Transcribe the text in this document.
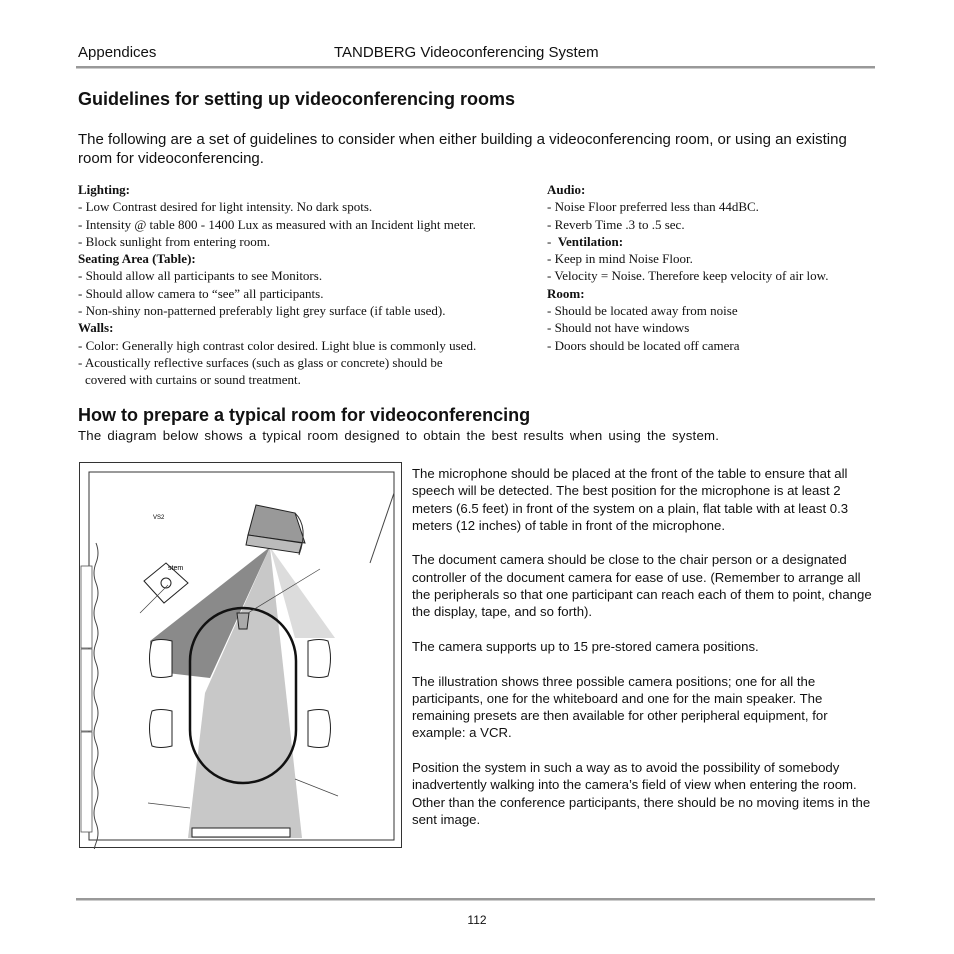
Appendices	TANDBERG Videoconferencing System
Guidelines for setting up videoconferencing rooms
The following are a set of guidelines to consider when either building a videoconferencing room, or using an existing room for videoconferencing.
Lighting:
- Low Contrast desired for light intensity. No dark spots.
- Intensity @ table 800 - 1400 Lux as measured with an Incident light meter.
- Block sunlight from entering room.
Seating Area (Table):
- Should allow all participants to see Monitors.
- Should allow camera to “see” all participants.
- Non-shiny non-patterned preferably light grey surface (if table used).
Walls:
- Color: Generally high contrast color desired. Light blue is commonly used.
- Acoustically reflective surfaces (such as glass or concrete) should be
covered with curtains or sound treatment.
Audio:
- Noise Floor preferred less than 44dBC.
- Reverb Time .3 to .5 sec.
-  Ventilation:
- Keep in mind Noise Floor.
- Velocity = Noise. Therefore keep velocity of air low.
Room:
- Should be located away from noise
- Should not have windows
- Doors should be located off camera
How to prepare a typical room for videoconferencing
The diagram below shows a typical room designed to obtain the best results when using the system.
VS2
stem

The microphone should be placed at the front of the table to ensure that all speech will be detected. The best position for the microphone is at least 2 meters (6.5 feet) in front of the system on a plain, flat table with at least 0.3 meters (12 inches) of table in front of the microphone.

The document camera should be close to the chair person or a designated controller of the document camera for ease of use. (Remember to arrange all the peripherals so that one participant can reach each of them to point, change the display, tape, and so forth).

The camera supports up to 15 pre-stored camera positions.

The illustration shows three possible camera positions; one for all the participants, one for the whiteboard and one for the main speaker. The remaining presets are then available for other peripheral equipment, for example: a VCR.

Position the system in such a way as to avoid the possibility of somebody inadvertently walking into the camera’s field of view when entering the room. Other than the conference participants, there should be no moving items in the sent image.

112
